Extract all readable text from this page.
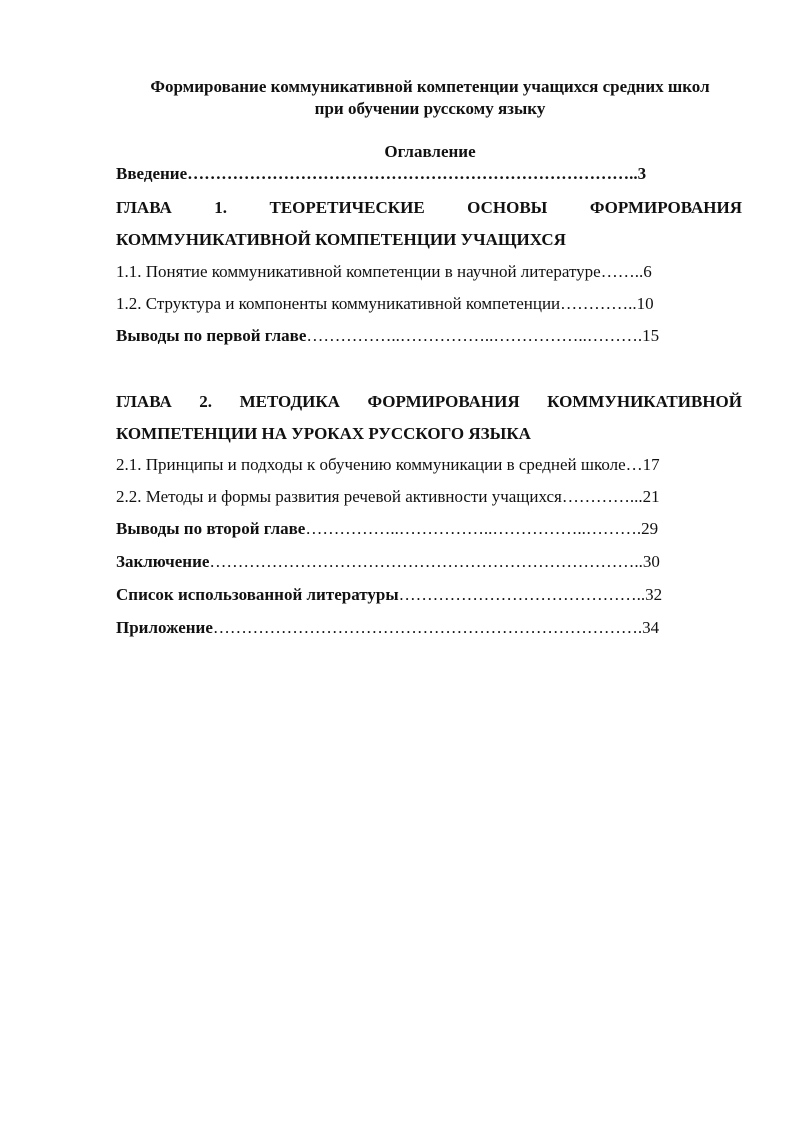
Формирование коммуникативной компетенции учащихся средних школ
при обучении русскому языку
Оглавление
Введение……………………………………………………………………..3
ГЛАВА	1.	ТЕОРЕТИЧЕСКИЕ	ОСНОВЫ	ФОРМИРОВАНИЯ
КОММУНИКАТИВНОЙ КОМПЕТЕНЦИИ УЧАЩИХСЯ
1.1. Понятие коммуникативной компетенции в научной литературе……..6
1.2. Структура и компоненты коммуникативной компетенции…………..10
Выводы по первой главе……………..……………..……………..……….15
ГЛАВА 2. МЕТОДИКА ФОРМИРОВАНИЯ КОММУНИКАТИВНОЙ
КОМПЕТЕНЦИИ НА УРОКАХ РУССКОГО ЯЗЫКА
2.1. Принципы и подходы к обучению коммуникации в средней школе…17
2.2. Методы и формы развития речевой активности учащихся…………...21
Выводы по второй главе……………..……………..……………..……….29
Заключение…………………………………………………………………..30
Список использованной литературы……………………………………..32
Приложение………………………………………………………………….34
